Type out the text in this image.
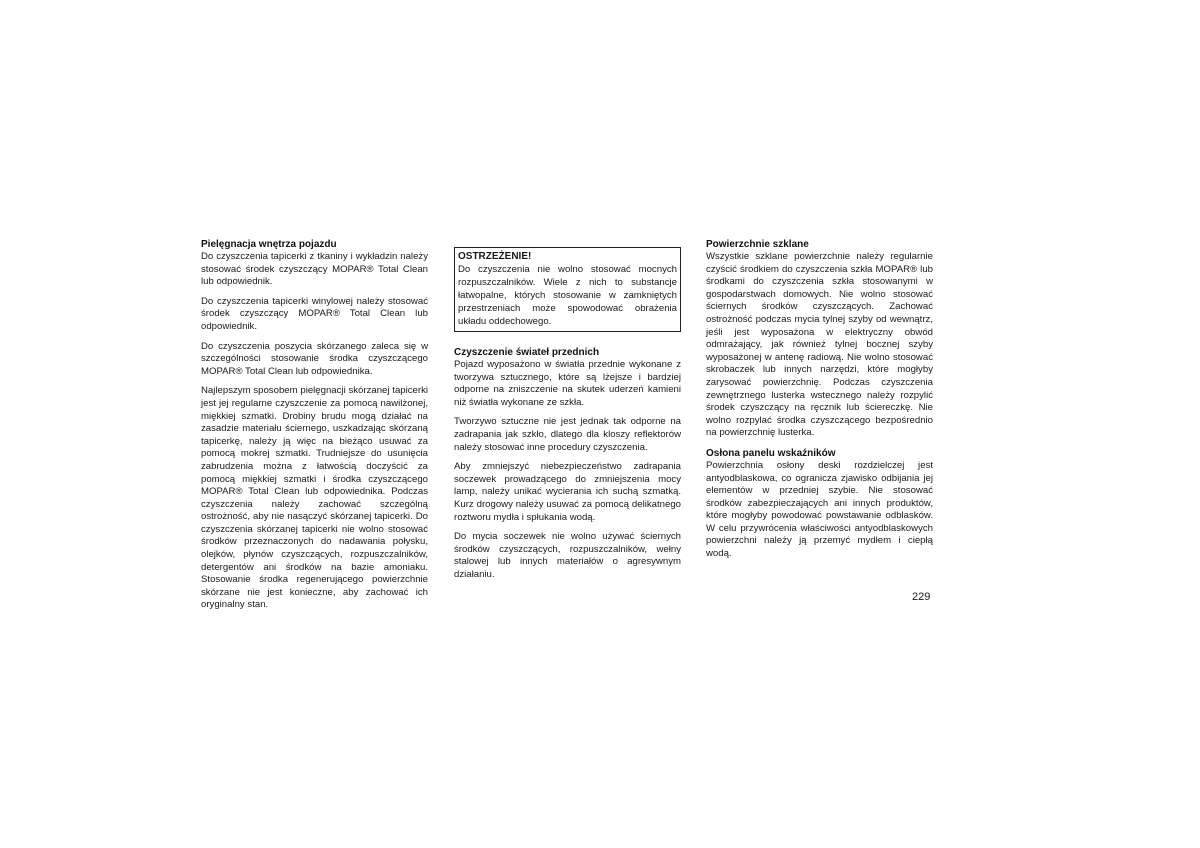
Pielęgnacja wnętrza pojazdu

Do czyszczenia tapicerki z tkaniny i wykładzin należy stosować środek czyszczący MOPAR® Total Clean lub odpowiednik.

Do czyszczenia tapicerki winylowej należy stosować środek czyszczący MOPAR® Total Clean lub odpowiednik.

Do czyszczenia poszycia skórzanego zaleca się w szczególności stosowanie środka czyszczącego MOPAR® Total Clean lub odpowiednika.

Najlepszym sposobem pielęgnacji skórzanej tapicerki jest jej regularne czyszczenie za pomocą nawilżonej, miękkiej szmatki. Drobiny brudu mogą działać na zasadzie materiału ściernego, uszkadzając skórzaną tapicerkę, należy ją więc na bieżąco usuwać za pomocą mokrej szmatki. Trudniejsze do usunięcia zabrudzenia można z łatwością doczyścić za pomocą miękkiej szmatki i środka czyszczącego MOPAR® Total Clean lub odpowiednika. Podczas czyszczenia należy zachować szczególną ostrożność, aby nie nasączyć skórzanej tapicerki. Do czyszczenia skórzanej tapicerki nie wolno stosować środków przeznaczonych do nadawania połysku, olejków, płynów czyszczących, rozpuszczalników, detergentów ani środków na bazie amoniaku. Stosowanie środka regenerującego powierzchnie skórzane nie jest konieczne, aby zachować ich oryginalny stan.

OSTRZEŻENIE!
Do czyszczenia nie wolno stosować mocnych rozpuszczalników. Wiele z nich to substancje łatwopalne, których stosowanie w zamkniętych przestrzeniach może spowodować obrażenia układu oddechowego.
Czyszczenie świateł przednich

Pojazd wyposażono w światła przednie wykonane z tworzywa sztucznego, które są lżejsze i bardziej odporne na zniszczenie na skutek uderzeń kamieni niż światła wykonane ze szkła.

Tworzywo sztuczne nie jest jednak tak odporne na zadrapania jak szkło, dlatego dla kloszy reflektorów należy stosować inne procedury czyszczenia.

Aby zmniejszyć niebezpieczeństwo zadrapania soczewek prowadzącego do zmniejszenia mocy lamp, należy unikać wycierania ich suchą szmatką. Kurz drogowy należy usuwać za pomocą delikatnego roztworu mydła i spłukania wodą.

Do mycia soczewek nie wolno używać ściernych środków czyszczących, rozpuszczalników, wełny stalowej lub innych materiałów o agresywnym działaniu.

Powierzchnie szklane

Wszystkie szklane powierzchnie należy regularnie czyścić środkiem do czyszczenia szkła MOPAR® lub środkami do czyszczenia szkła stosowanymi w gospodarstwach domowych. Nie wolno stosować ściernych środków czyszczących. Zachować ostrożność podczas mycia tylnej szyby od wewnątrz, jeśli jest wyposażona w elektryczny obwód odmrażający, jak również tylnej bocznej szyby wyposażonej w antenę radiową. Nie wolno stosować skrobaczek lub innych narzędzi, które mogłyby zarysować powierzchnię. Podczas czyszczenia zewnętrznego lusterka wstecznego należy rozpylić środek czyszczący na ręcznik lub ściereczkę. Nie wolno rozpylać środka czyszczącego bezpośrednio na powierzchnię lusterka.

Osłona panelu wskaźników

Powierzchnia osłony deski rozdzielczej jest antyodblaskowa, co ogranicza zjawisko odbijania jej elementów w przedniej szybie. Nie stosować środków zabezpieczających ani innych produktów, które mogłyby powodować powstawanie odblasków. W celu przywrócenia właściwości antyodblaskowych powierzchni należy ją przemyć mydłem i ciepłą wodą.

229
